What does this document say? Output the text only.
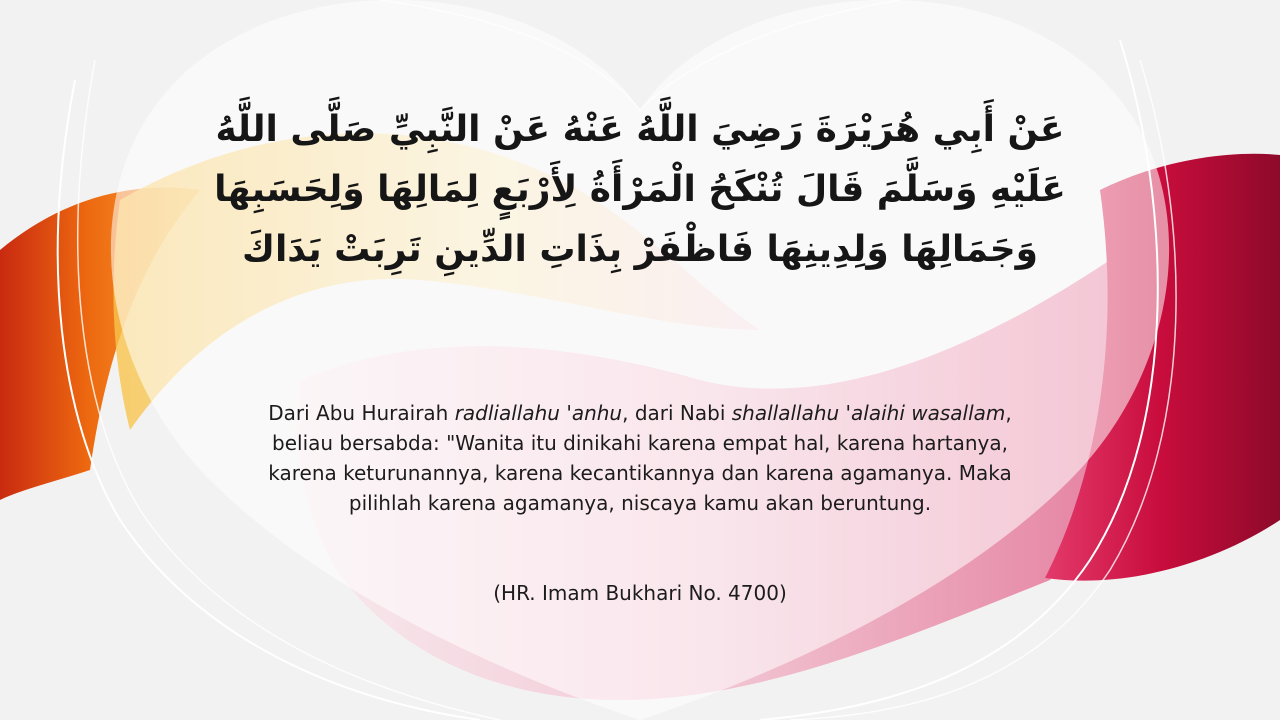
عَنْ أَبِي هُرَيْرَةَ رَضِيَ اللَّهُ عَنْهُ عَنْ النَّبِيِّ صَلَّى اللَّهُ عَلَيْهِ وَسَلَّمَ قَالَ تُنْكَحُ الْمَرْأَةُ لِأَرْبَعٍ لِمَالِهَا وَلِحَسَبِهَا وَجَمَالِهَا وَلِدِينِهَا فَاظْفَرْ بِذَاتِ الدِّينِ تَرِبَتْ يَدَاكَ
Dari Abu Hurairah radliallahu 'anhu, dari Nabi shallallahu 'alaihi wasallam, beliau bersabda: "Wanita itu dinikahi karena empat hal, karena hartanya, karena keturunannya, karena kecantikannya dan karena agamanya. Maka pilihlah karena agamanya, niscaya kamu akan beruntung.
(HR. Imam Bukhari No. 4700)
